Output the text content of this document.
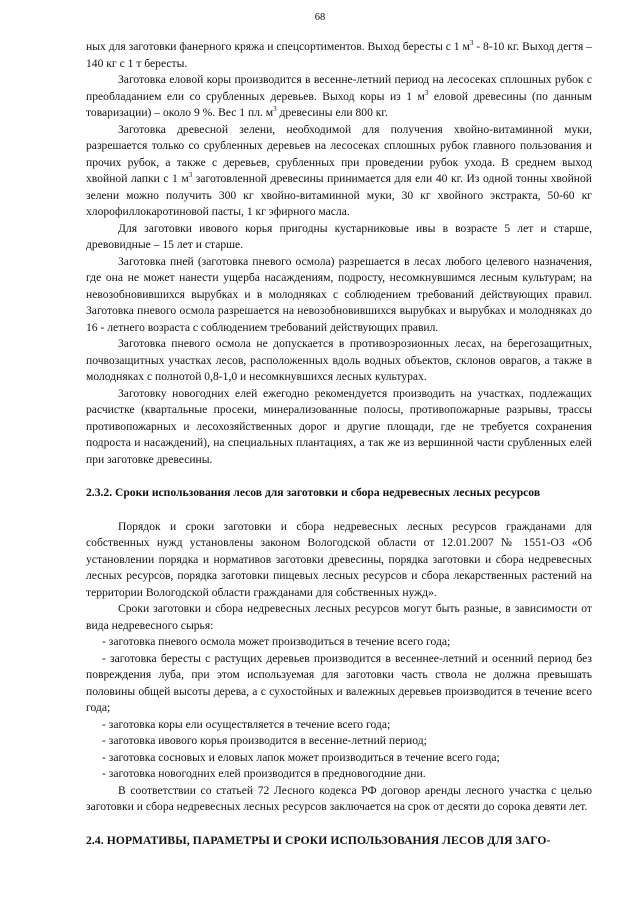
68

ных для заготовки фанерного кряжа и спецсортиментов. Выход бересты с 1 $м^3 - 8-10$ кг. Выход дегтя – 140 кг с 1 т бересты.

Заготовка еловой коры производится в весенне-летний период на лесосеках сплошных рубок с преобладанием ели со срубленных деревьев. Выход коры из 1 $м^3$ еловой древесины (по данным товаризации) – около 9 %. Вес 1 пл. $м^3$ древесины ели 800 кг.

Заготовка древесной зелени, необходимой для получения хвойно-витаминной муки, разрешается только со срубленных деревьев на лесосеках сплошных рубок главного пользования и прочих рубок, а также с деревьев, срубленных при проведении рубок ухода. В среднем выход хвойной лапки с 1 $м^3$ заготовленной древесины принимается для ели 40 кг. Из одной тонны хвойной зелени можно получить 300 кг хвойно-витаминной муки, 30 кг хвойного экстракта, 50-60 кг хлорофиллокаротиновой пасты, 1 кг эфирного масла.

Для заготовки ивового корья пригодны кустарниковые ивы в возрасте 5 лет и старше, древовидные – 15 лет и старше.

Заготовка пней (заготовка пневого осмола) разрешается в лесах любого целевого назначения, где она не может нанести ущерба насаждениям, подросту, несомкнувшимся лесным культурам; на невозобновившихся вырубках и в молодняках с соблюдением требований действующих правил. Заготовка пневого осмола разрешается на невозобновившихся вырубках и вырубках и молодняках до 16 - летнего возраста с соблюдением требований действующих правил.

Заготовка пневого осмола не допускается в противоэрозионных лесах, на берегозащитных, почвозащитных участках лесов, расположенных вдоль водных объектов, склонов оврагов, а также в молодняках с полнотой 0,8-1,0 и несомкнувшихся лесных культурах.

Заготовку новогодних елей ежегодно рекомендуется производить на участках, подлежащих расчистке (квартальные просеки, минерализованные полосы, противопожарные разрывы, трассы противопожарных и лесохозяйственных дорог и другие площади, где не требуется сохранения подроста и насаждений), на специальных плантациях, а так же из вершинной части срубленных елей при заготовке древесины.

2.3.2. Сроки использования лесов для заготовки и сбора недревесных лесных ресурсов

Порядок и сроки заготовки и сбора недревесных лесных ресурсов гражданами для собственных нужд установлены законом Вологодской области от 12.01.2007 № 1551-ОЗ «Об установлении порядка и нормативов заготовки древесины, порядка заготовки и сбора недревесных лесных ресурсов, порядка заготовки пищевых лесных ресурсов и сбора лекарственных растений на территории Вологодской области гражданами для собственных нужд».

Сроки заготовки и сбора недревесных лесных ресурсов могут быть разные, в зависимости от вида недревесного сырья:

- заготовка пневого осмола может производиться в течение всего года;

- заготовка бересты с растущих деревьев производится в весеннее-летний и осенний период без повреждения луба, при этом используемая для заготовки часть ствола не должна превышать половины общей высоты дерева, а с сухостойных и валежных деревьев производится в течение всего года;

- заготовка коры ели осуществляется в течение всего года;

- заготовка ивового корья производится в весенне-летний период;

- заготовка сосновых и еловых лапок может производиться в течение всего года;

- заготовка новогодних елей производится в предновогодние дни.

В соответствии со статьей 72 Лесного кодекса РФ договор аренды лесного участка с целью заготовки и сбора недревесных лесных ресурсов заключается на срок от десяти до сорока девяти лет.

2.4. НОРМАТИВЫ, ПАРАМЕТРЫ И СРОКИ ИСПОЛЬЗОВАНИЯ ЛЕСОВ ДЛЯ ЗАГО-
